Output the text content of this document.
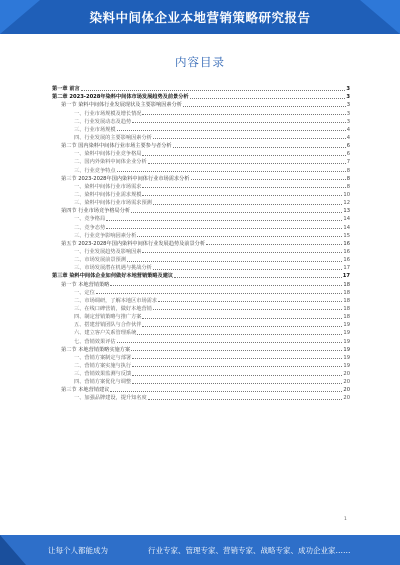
染料中间体企业本地营销策略研究报告
内容目录
第一章 前言	3
第二章 2023-2028年染料中间体市场发展趋势及前景分析	3
第一节 染料中间体行业发展现状及主要影响因素分析	3
一、行业市场规模及增长情况	3
二、行业发展动态及趋势	3
三、行业市场规模	4
四、行业发展的主要影响因素分析	4
第二节 国内染料中间体行业市场主要参与者分析	6
一、染料中间体行业竞争格局	6
二、国内外染料中间体企业分析	7
三、行业竞争特点	8
第三节 2023-2028年国内染料中间体行业市场需求分析	8
一、染料中间体行业市场需求	8
二、染料中间体行业需求规模	10
三、染料中间体行业市场需求预测	12
第四节 行业市场竞争格局分析	13
一、竞争格局	14
二、竞争态势	14
三、行业竞争影响因素分析	15
第五节 2023-2028年国内染料中间体行业发展趋势及前景分析	16
一、行业发展趋势及影响因素	16
二、市场发展前景预测	16
三、市场发展潜在机遇与挑战分析	17
第三章 染料中间体企业如何做好本地营销策略及建议	17
第一节 本地营销策略	18
一、定位	18
二、市场调研，了解本地区市场需求	18
三、在线口碑营销，做好本地营销	18
四、制定营销策略与推广方案	18
五、搭建营销团队与合作伙伴	19
六、建立客户关系管理系统	19
七、营销效果评估	19
第二节 本地营销策略实施方案	19
一、营销方案制定与部署	19
二、营销方案实施与执行	19
三、营销效果监测与反馈	20
四、营销方案优化与调整	20
第三节 本地营销建议	20
一、加强品牌建设，提升知名度	20
1
让每个人都能成为	行业专家、管理专家、营销专家、战略专家、成功企业家……
